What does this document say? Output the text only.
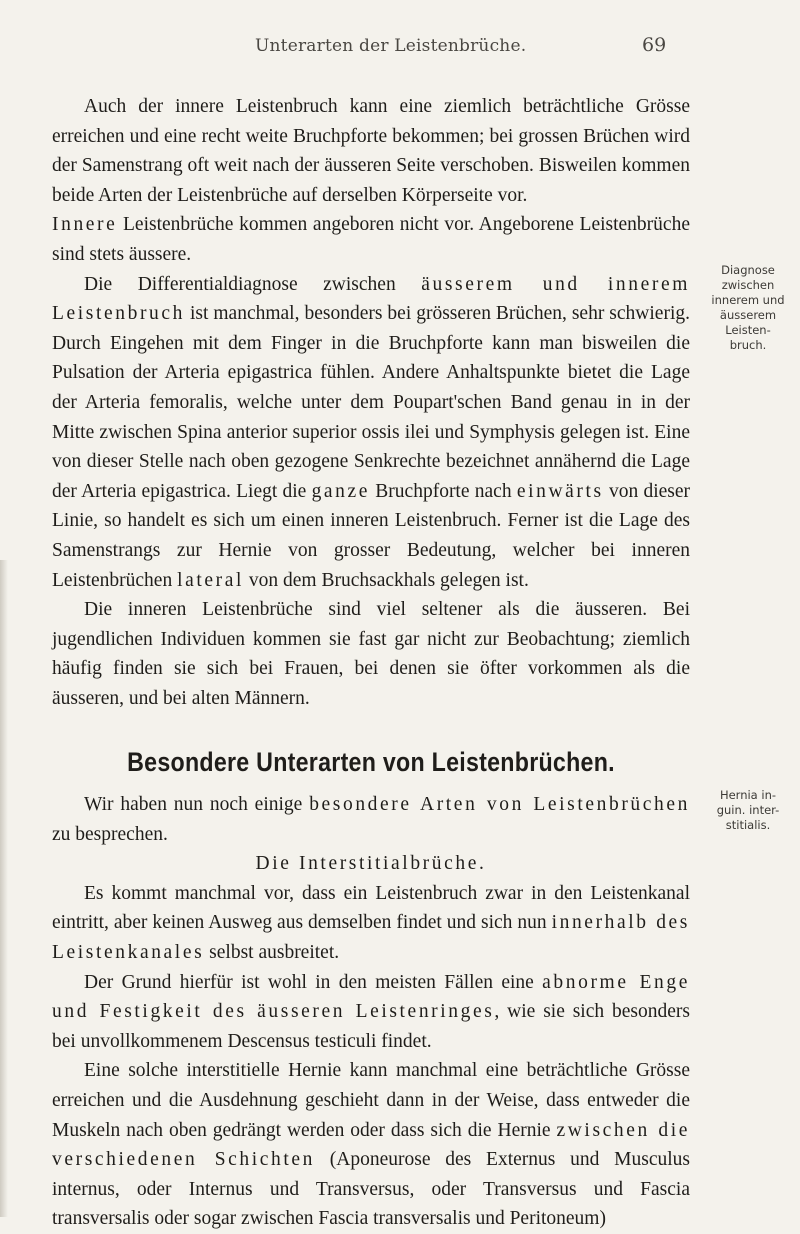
Unterarten der Leistenbrüche.	69
Diagnose
zwischen
innerem und
äusserem
Leisten-
bruch.
Hernia in-
guin. inter-
stitialis.

Auch der innere Leistenbruch kann eine ziemlich beträchtliche Grösse erreichen und eine recht weite Bruchpforte bekommen; bei grossen Brüchen wird der Samenstrang oft weit nach der äusseren Seite verschoben. Bisweilen kommen beide Arten der Leistenbrüche auf derselben Körperseite vor.

Innere Leistenbrüche kommen angeboren nicht vor. Angeborene Leistenbrüche sind stets äussere.

Die Differentialdiagnose zwischen äusserem und innerem Leistenbruch ist manchmal, besonders bei grösseren Brüchen, sehr schwierig. Durch Eingehen mit dem Finger in die Bruchpforte kann man bisweilen die Pulsation der Arteria epigastrica fühlen. Andere Anhaltspunkte bietet die Lage der Arteria femoralis, welche unter dem Poupart'schen Band genau in in der Mitte zwischen Spina anterior superior ossis ilei und Symphysis gelegen ist. Eine von dieser Stelle nach oben gezogene Senkrechte bezeichnet annähernd die Lage der Arteria epigastrica. Liegt die ganze Bruchpforte nach einwärts von dieser Linie, so handelt es sich um einen inneren Leistenbruch. Ferner ist die Lage des Samenstrangs zur Hernie von grosser Bedeutung, welcher bei inneren Leistenbrüchen lateral von dem Bruchsackhals gelegen ist.

Die inneren Leistenbrüche sind viel seltener als die äusseren. Bei jugendlichen Individuen kommen sie fast gar nicht zur Beobachtung; ziemlich häufig finden sie sich bei Frauen, bei denen sie öfter vorkommen als die äusseren, und bei alten Männern.

Besondere Unterarten von Leistenbrüchen.

Wir haben nun noch einige besondere Arten von Leistenbrüchen zu besprechen.

Die Interstitialbrüche.

Es kommt manchmal vor, dass ein Leistenbruch zwar in den Leistenkanal eintritt, aber keinen Ausweg aus demselben findet und sich nun innerhalb des Leistenkanales selbst ausbreitet.

Der Grund hierfür ist wohl in den meisten Fällen eine abnorme Enge und Festigkeit des äusseren Leistenringes, wie sie sich besonders bei unvollkommenem Descensus testiculi findet.

Eine solche interstitielle Hernie kann manchmal eine beträchtliche Grösse erreichen und die Ausdehnung geschieht dann in der Weise, dass entweder die Muskeln nach oben gedrängt werden oder dass sich die Hernie zwischen die verschiedenen Schichten (Aponeurose des Externus und Musculus internus, oder Internus und Transversus, oder Transversus und Fascia transversalis oder sogar zwischen Fascia transversalis und Peritoneum)
